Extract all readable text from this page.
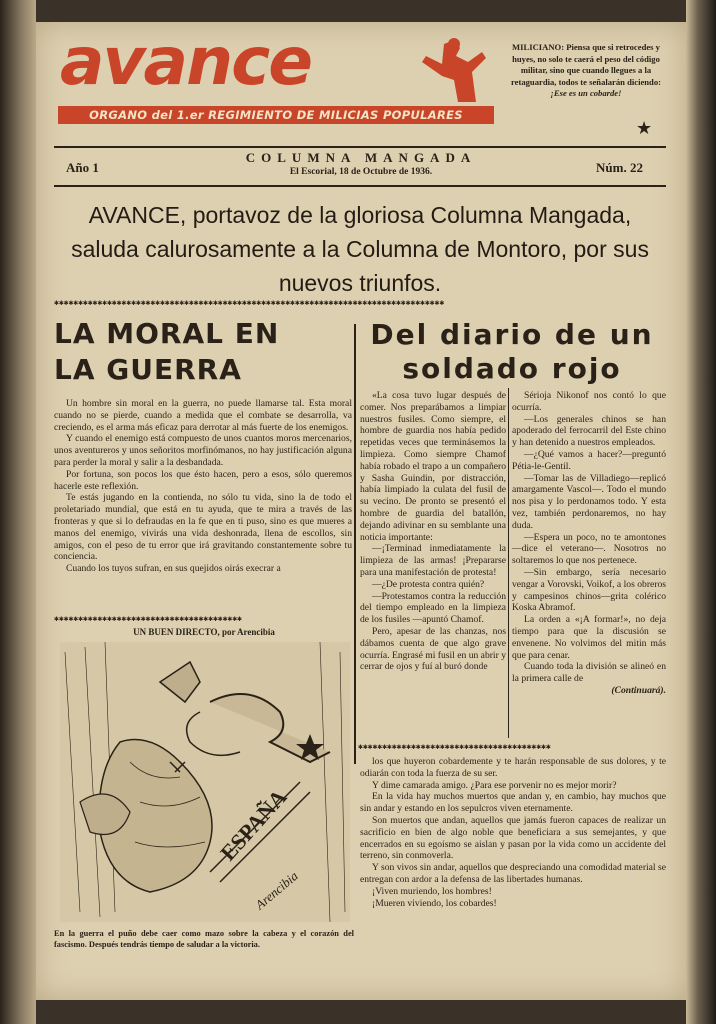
avance
ORGANO del 1.er REGIMIENTO DE MILICIAS POPULARES
MILICIANO: Piensa que si retrocedes y huyes, no solo te caerá el peso del código militar, sino que cuando llegues a la retaguardia, todos te señalarán diciendo:
¡Ese es un cobarde!
★
Año 1
COLUMNA MANGADA
El Escorial, 18 de Octubre de 1936.	Núm. 22
AVANCE, portavoz de la gloriosa Columna Mangada, saluda calurosamente a la Columna de Montoro, por sus nuevos triunfos.
✱✱✱✱✱✱✱✱✱✱✱✱✱✱✱✱✱✱✱✱✱✱✱✱✱✱✱✱✱✱✱✱✱✱✱✱✱✱✱✱✱✱✱✱✱✱✱✱✱✱✱✱✱✱✱✱✱✱✱✱✱✱✱✱✱✱✱✱✱✱✱✱✱✱✱✱✱✱✱✱✱
LA MORAL EN
LA GUERRA
Del diario de un
soldado rojo

Un hombre sin moral en la guerra, no puede llamarse tal. Esta moral cuando no se pierde, cuando a medida que el combate se desarrolla, va creciendo, es el arma más eficaz para derrotar al más fuerte de los enemigos.

Y cuando el enemigo está compuesto de unos cuantos moros mercenarios, unos aventureros y unos señoritos morfinómanos, no hay justificación alguna para perder la moral y salir a la desbandada.

Por fortuna, son pocos los que ésto hacen, pero a esos, sólo queremos hacerle este reflexión.

Te estás jugando en la contienda, no sólo tu vida, sino la de todo el proletariado mundial, que está en tu ayuda, que te mira a través de las fronteras y que si lo defraudas en la fe que en ti puso, sino es que mueres a manos del enemigo, vivirás una vida deshonrada, llena de escollos, sin amigos, con el peso de tu error que irá gravitando constantemente sobre tu conciencia.

Cuando los tuyos sufran, en sus quejidos oirás execrar a

✱✱✱✱✱✱✱✱✱✱✱✱✱✱✱✱✱✱✱✱✱✱✱✱✱✱✱✱✱✱✱✱✱✱✱✱✱✱✱
UN BUEN DIRECTO, por Arencibia
ESPAÑA
Arencibia
En la guerra el puño debe caer como mazo sobre la cabeza y el corazón del fascismo. Después tendrás tiempo de saludar a la victoria.

«La cosa tuvo lugar después de comer. Nos preparábamos a limpiar nuestros fusiles. Como siempre, el hombre de guardia nos había pedido repetidas veces que terminásemos la limpieza. Como siempre Chamof había robado el trapo a un compañero y Sasha Guindin, por distracción, había limpiado la culata del fusil de su vecino. De pronto se presentó el hombre de guardia del batallón, dejando adivinar en su semblante una noticia importante:

—¡Terminad inmediatamente la limpieza de las armas! ¡Prepararse para una manifestación de protesta!

—¿De protesta contra quién?

—Protestamos contra la reducción del tiempo empleado en la limpieza de los fusiles —apuntó Chamof.

Pero, apesar de las chanzas, nos dábamos cuenta de que algo grave ocurría. Engrasé mi fusil en un abrir y cerrar de ojos y fuí al buró donde

Sérioja Nikonof nos contó lo que ocurría.

—Los generales chinos se han apoderado del ferrocarril del Este chino y han detenido a nuestros empleados.

—¿Qué vamos a hacer?—preguntó Pétia-le-Gentil.

—Tomar las de Villadiego—replicó amargamente Vascol—. Todo el mundo nos pisa y lo perdonamos todo. Y esta vez, también perdonaremos, no hay duda.

—Espera un poco, no te amontones—dice el veterano—. Nosotros no soltaremos lo que nos pertenece.

—Sin embargo, sería necesario vengar a Vorovski, Voikof, a los obreros y campesinos chinos—grita colérico Koska Abramof.

La orden a «¡A formar!», no deja tiempo para que la discusión se envenene. No volvimos del mitin más que para cenar.

Cuando toda la división se alineó en la primera calle de

(Continuará).
✱✱✱✱✱✱✱✱✱✱✱✱✱✱✱✱✱✱✱✱✱✱✱✱✱✱✱✱✱✱✱✱✱✱✱✱✱✱✱✱

los que huyeron cobardemente y te harán responsable de sus dolores, y te odiarán con toda la fuerza de su ser.

Y dime camarada amigo. ¿Para ese porvenir no es mejor morir?

En la vida hay muchos muertos que andan y, en cambio, hay muchos que sin andar y estando en los sepulcros viven eternamente.

Son muertos que andan, aquellos que jamás fueron capaces de realizar un sacrificio en bien de algo noble que beneficiara a sus semejantes, y que encerrados en su egoísmo se aislan y pasan por la vida como un accidente del terreno, sin conmoverla.

Y son vivos sin andar, aquellos que despreciando una comodidad material se entregan con ardor a la defensa de las libertades humanas.

¡Viven muriendo, los hombres!

¡Mueren viviendo, los cobardes!
